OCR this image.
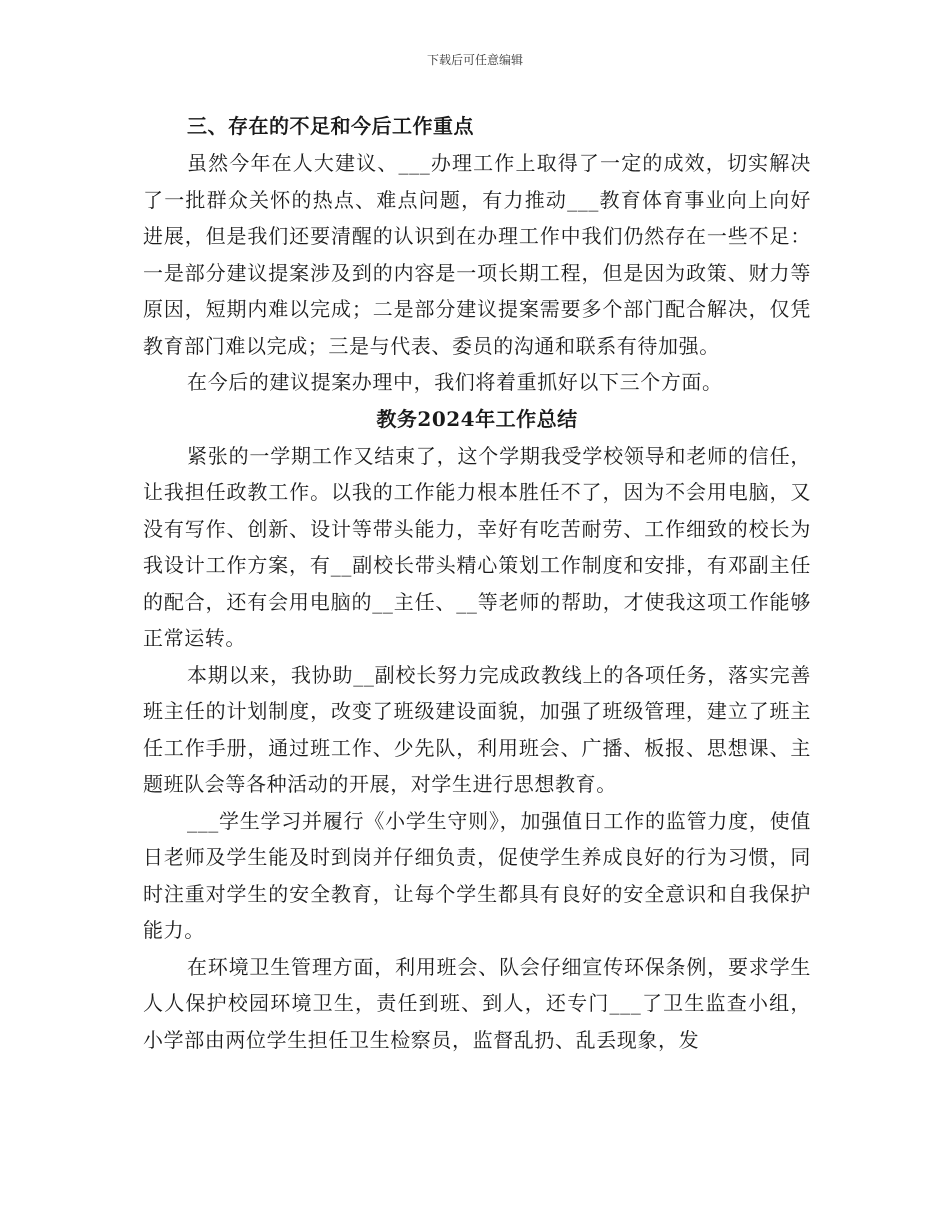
下载后可任意编辑
三、存在的不足和今后工作重点

虽然今年在人大建议、___办理工作上取得了一定的成效，切实解决了一批群众关怀的热点、难点问题，有力推动___教育体育事业向上向好进展，但是我们还要清醒的认识到在办理工作中我们仍然存在一些不足：一是部分建议提案涉及到的内容是一项长期工程，但是因为政策、财力等原因，短期内难以完成；二是部分建议提案需要多个部门配合解决，仅凭教育部门难以完成；三是与代表、委员的沟通和联系有待加强。

在今后的建议提案办理中，我们将着重抓好以下三个方面。

教务2024年工作总结

紧张的一学期工作又结束了，这个学期我受学校领导和老师的信任，让我担任政教工作。以我的工作能力根本胜任不了，因为不会用电脑，又没有写作、创新、设计等带头能力，幸好有吃苦耐劳、工作细致的校长为我设计工作方案，有__副校长带头精心策划工作制度和安排，有邓副主任的配合，还有会用电脑的__主任、__等老师的帮助，才使我这项工作能够正常运转。

本期以来，我协助__副校长努力完成政教线上的各项任务，落实完善班主任的计划制度，改变了班级建设面貌，加强了班级管理，建立了班主任工作手册，通过班工作、少先队，利用班会、广播、板报、思想课、主题班队会等各种活动的开展，对学生进行思想教育。

___学生学习并履行《小学生守则》，加强值日工作的监管力度，使值日老师及学生能及时到岗并仔细负责，促使学生养成良好的行为习惯，同时注重对学生的安全教育，让每个学生都具有良好的安全意识和自我保护能力。

在环境卫生管理方面，利用班会、队会仔细宣传环保条例，要求学生人人保护校园环境卫生，责任到班、到人，还专门___了卫生监查小组，小学部由两位学生担任卫生检察员，监督乱扔、乱丢现象，发
